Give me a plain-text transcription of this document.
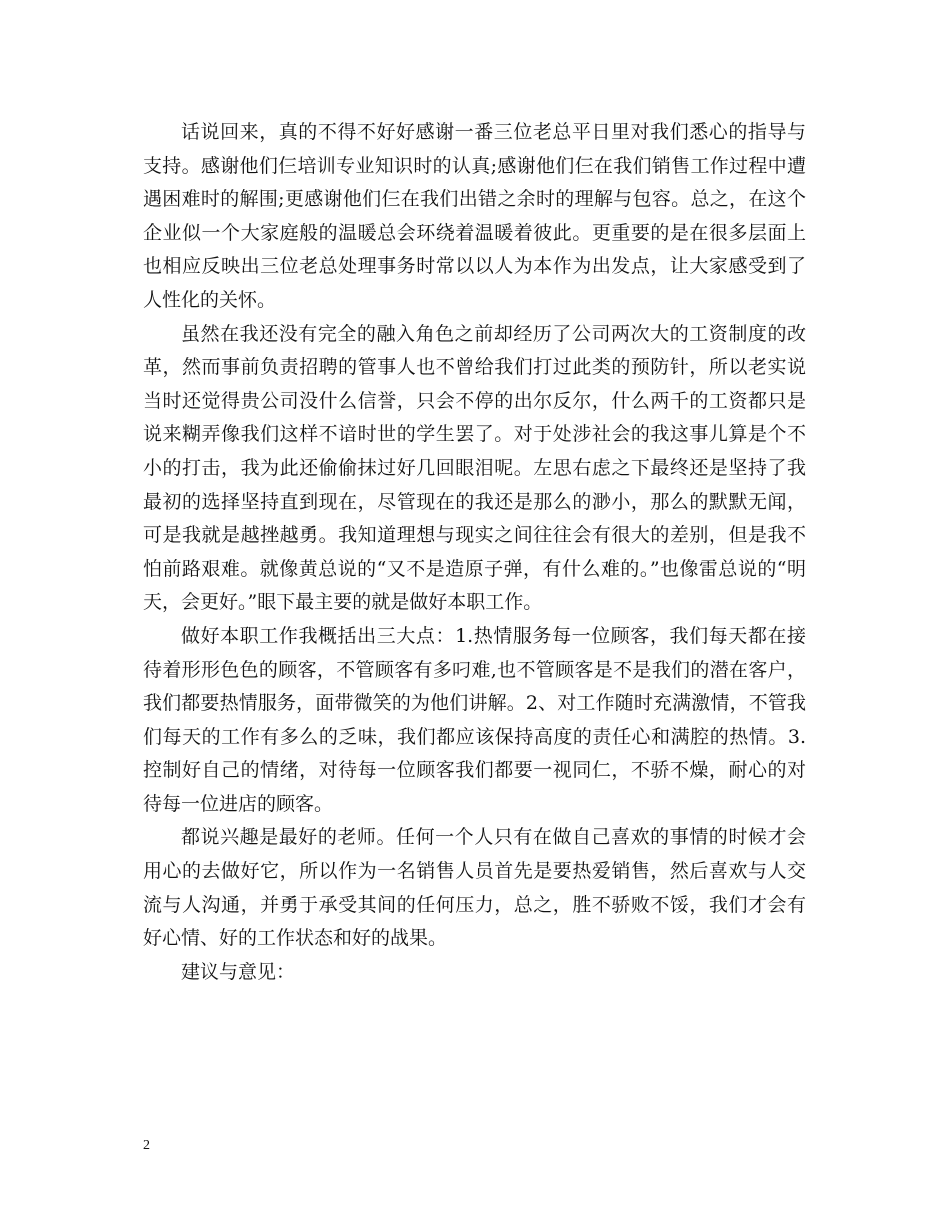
话说回来，真的不得不好好感谢一番三位老总平日里对我们悉心的指导与支持。感谢他们仨培训专业知识时的认真;感谢他们仨在我们销售工作过程中遭遇困难时的解围;更感谢他们仨在我们出错之余时的理解与包容。总之，在这个企业似一个大家庭般的温暖总会环绕着温暖着彼此。更重要的是在很多层面上也相应反映出三位老总处理事务时常以以人为本作为出发点，让大家感受到了人性化的关怀。

虽然在我还没有完全的融入角色之前却经历了公司两次大的工资制度的改革，然而事前负责招聘的管事人也不曾给我们打过此类的预防针，所以老实说当时还觉得贵公司没什么信誉，只会不停的出尔反尔，什么两千的工资都只是说来糊弄像我们这样不谙时世的学生罢了。对于处涉社会的我这事儿算是个不小的打击，我为此还偷偷抹过好几回眼泪呢。左思右虑之下最终还是坚持了我最初的选择坚持直到现在，尽管现在的我还是那么的渺小，那么的默默无闻，可是我就是越挫越勇。我知道理想与现实之间往往会有很大的差别，但是我不怕前路艰难。就像黄总说的“又不是造原子弹，有什么难的。”也像雷总说的“明天，会更好。”眼下最主要的就是做好本职工作。

做好本职工作我概括出三大点：1.热情服务每一位顾客，我们每天都在接待着形形色色的顾客，不管顾客有多叼难,也不管顾客是不是我们的潜在客户，我们都要热情服务，面带微笑的为他们讲解。2、对工作随时充满激情，不管我们每天的工作有多么的乏味，我们都应该保持高度的责任心和满腔的热情。3.控制好自己的情绪，对待每一位顾客我们都要一视同仁，不骄不燥，耐心的对待每一位进店的顾客。

都说兴趣是最好的老师。任何一个人只有在做自己喜欢的事情的时候才会用心的去做好它，所以作为一名销售人员首先是要热爱销售，然后喜欢与人交流与人沟通，并勇于承受其间的任何压力，总之，胜不骄败不馁，我们才会有好心情、好的工作状态和好的战果。

建议与意见：

2
